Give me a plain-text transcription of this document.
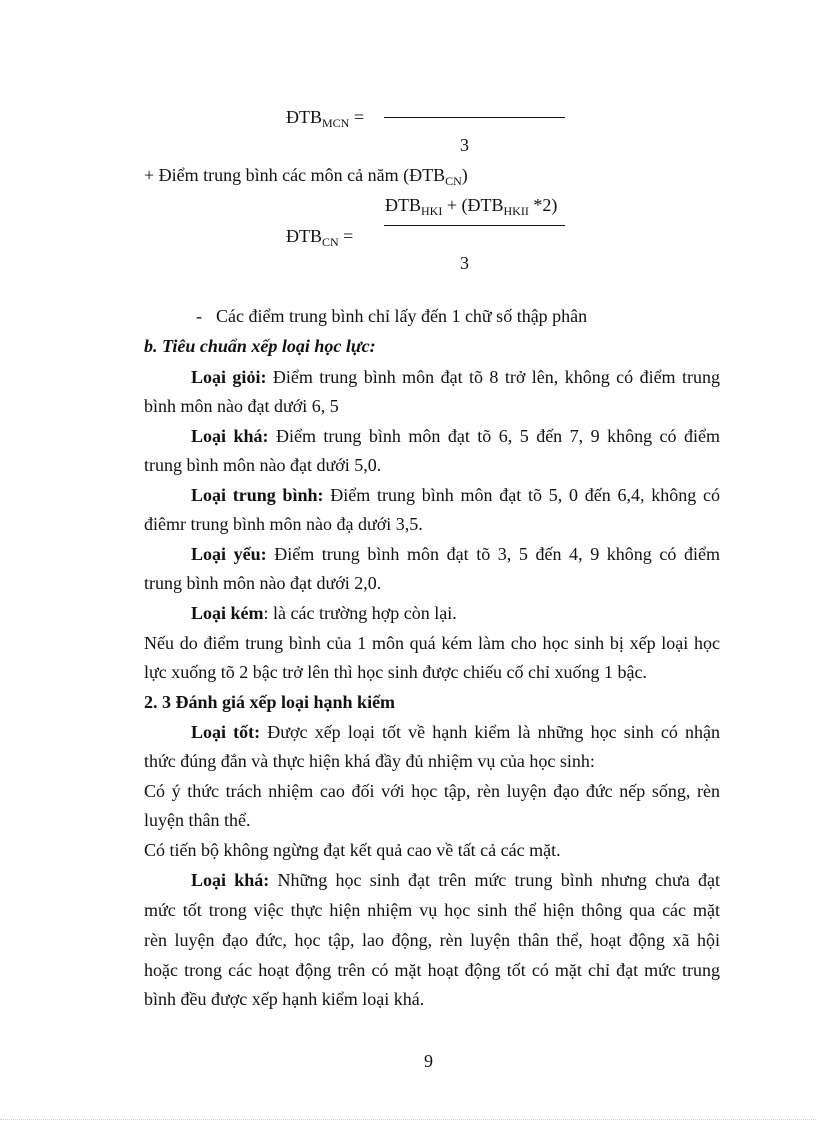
$ĐTB_{MCN}$ =
3
+ Điểm trung bình các môn cả năm $(ĐTB_{CN})$
$ĐTB_{HKI}$ + ($ĐTB_{HKII}$ *2)
$ĐTB_{CN}$ =
3
- Các điểm trung bình chỉ lấy đến 1 chữ số thập phân
b. Tiêu chuẩn xếp loại học lực:
Loại giỏi: Điểm trung bình môn đạt tõ 8 trở lên, không có điểm trung
bình môn nào đạt dưới 6, 5
Loại khá: Điểm trung bình môn đạt tõ 6, 5 đến 7, 9 không có điểm
trung bình môn nào đạt dưới 5,0.
Loại trung bình: Điểm trung bình môn đạt tõ 5, 0 đến 6,4, không có
điêmr trung bình môn nào đạ dưới 3,5.
Loại yếu: Điểm trung bình môn đạt tõ 3, 5 đến 4, 9 không có điểm
trung bình môn nào đạt dưới 2,0.
Loại kém: là các trường hợp còn lại.
Nếu do điểm trung bình của 1 môn quá kém làm cho học sinh bị xếp loại học
lực xuống tõ 2 bậc trở lên thì học sinh được chiếu cố chỉ xuống 1 bậc.
2. 3 Đánh giá xếp loại hạnh kiểm
Loại tốt: Được xếp loại tốt về hạnh kiểm là những học sinh có nhận
thức đúng đắn và thực hiện khá đầy đủ nhiệm vụ của học sinh:
Có ý thức trách nhiệm cao đối với học tập, rèn luyện đạo đức nếp sống, rèn
luyện thân thể.
Có tiến bộ không ngừng đạt kết quả cao về tất cả các mặt.
Loại khá: Những học sinh đạt trên mức trung bình nhưng chưa đạt
mức tốt trong việc thực hiện nhiệm vụ học sinh thể hiện thông qua các mặt
rèn luyện đạo đức, học tập, lao động, rèn luyện thân thể, hoạt động xã hội
hoặc trong các hoạt động trên có mặt hoạt động tốt có mặt chỉ đạt mức trung
bình đều được xếp hạnh kiểm loại khá.
9
